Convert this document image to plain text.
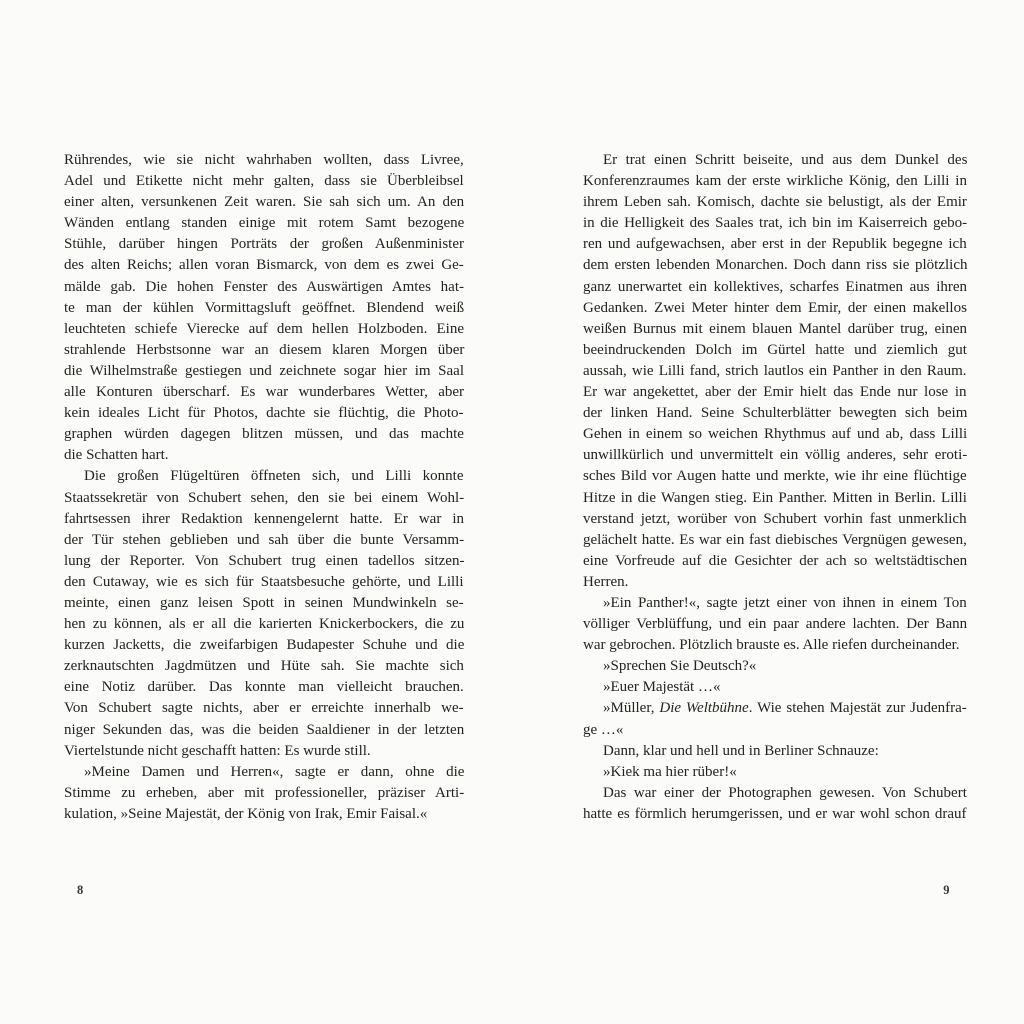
Rührendes, wie sie nicht wahrhaben wollten, dass Livree,
Adel und Etikette nicht mehr galten, dass sie Überbleibsel
einer alten, versunkenen Zeit waren. Sie sah sich um. An den
Wänden entlang standen einige mit rotem Samt bezogene
Stühle, darüber hingen Porträts der großen Außenminister
des alten Reichs; allen voran Bismarck, von dem es zwei Ge-
mälde gab. Die hohen Fenster des Auswärtigen Amtes hat-
te man der kühlen Vormittagsluft geöffnet. Blendend weiß
leuchteten schiefe Vierecke auf dem hellen Holzboden. Eine
strahlende Herbstsonne war an diesem klaren Morgen über
die Wilhelmstraße gestiegen und zeichnete sogar hier im Saal
alle Konturen überscharf. Es war wunderbares Wetter, aber
kein ideales Licht für Photos, dachte sie flüchtig, die Photo-
graphen würden dagegen blitzen müssen, und das machte
die Schatten hart.
Die großen Flügeltüren öffneten sich, und Lilli konnte
Staatssekretär von Schubert sehen, den sie bei einem Wohl-
fahrtsessen ihrer Redaktion kennengelernt hatte. Er war in
der Tür stehen geblieben und sah über die bunte Versamm-
lung der Reporter. Von Schubert trug einen tadellos sitzen-
den Cutaway, wie es sich für Staatsbesuche gehörte, und Lilli
meinte, einen ganz leisen Spott in seinen Mundwinkeln se-
hen zu können, als er all die karierten Knickerbockers, die zu
kurzen Jacketts, die zweifarbigen Budapester Schuhe und die
zerknautschten Jagdmützen und Hüte sah. Sie machte sich
eine Notiz darüber. Das konnte man vielleicht brauchen.
Von Schubert sagte nichts, aber er erreichte innerhalb we-
niger Sekunden das, was die beiden Saaldiener in der letzten
Viertelstunde nicht geschafft hatten: Es wurde still.
»Meine Damen und Herren«, sagte er dann, ohne die
Stimme zu erheben, aber mit professioneller, präziser Arti-
kulation, »Seine Majestät, der König von Irak, Emir Faisal.«
8
Er trat einen Schritt beiseite, und aus dem Dunkel des
Konferenzraumes kam der erste wirkliche König, den Lilli in
ihrem Leben sah. Komisch, dachte sie belustigt, als der Emir
in die Helligkeit des Saales trat, ich bin im Kaiserreich gebo-
ren und aufgewachsen, aber erst in der Republik begegne ich
dem ersten lebenden Monarchen. Doch dann riss sie plötzlich
ganz unerwartet ein kollektives, scharfes Einatmen aus ihren
Gedanken. Zwei Meter hinter dem Emir, der einen makellos
weißen Burnus mit einem blauen Mantel darüber trug, einen
beeindruckenden Dolch im Gürtel hatte und ziemlich gut
aussah, wie Lilli fand, strich lautlos ein Panther in den Raum.
Er war angekettet, aber der Emir hielt das Ende nur lose in
der linken Hand. Seine Schulterblätter bewegten sich beim
Gehen in einem so weichen Rhythmus auf und ab, dass Lilli
unwillkürlich und unvermittelt ein völlig anderes, sehr eroti-
sches Bild vor Augen hatte und merkte, wie ihr eine flüchtige
Hitze in die Wangen stieg. Ein Panther. Mitten in Berlin. Lilli
verstand jetzt, worüber von Schubert vorhin fast unmerklich
gelächelt hatte. Es war ein fast diebisches Vergnügen gewesen,
eine Vorfreude auf die Gesichter der ach so weltstädtischen
Herren.
»Ein Panther!«, sagte jetzt einer von ihnen in einem Ton
völliger Verblüffung, und ein paar andere lachten. Der Bann
war gebrochen. Plötzlich brauste es. Alle riefen durcheinander.
»Sprechen Sie Deutsch?«
»Euer Majestät …«
»Müller, Die Weltbühne. Wie stehen Majestät zur Judenfra-
ge …«
Dann, klar und hell und in Berliner Schnauze:
»Kiek ma hier rüber!«
Das war einer der Photographen gewesen. Von Schubert
hatte es förmlich herumgerissen, und er war wohl schon drauf
9
